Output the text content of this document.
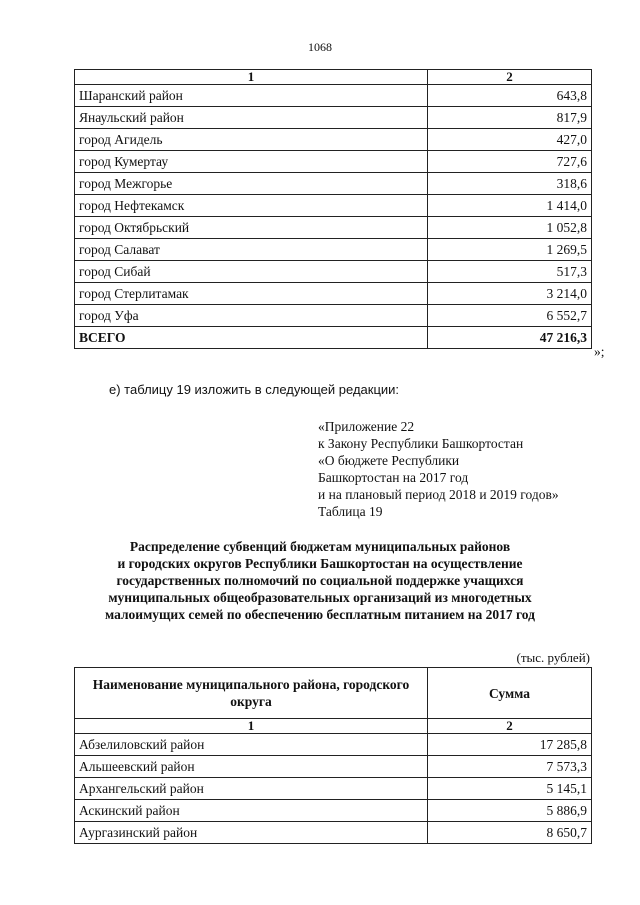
1068
1	2
Шаранский район	643,8
Янаульский район	817,9
город Агидель	427,0
город Кумертау	727,6
город Межгорье	318,6
город Нефтекамск	1 414,0
город Октябрьский	1 052,8
город Салават	1 269,5
город Сибай	517,3
город Стерлитамак	3 214,0
город Уфа	6 552,7
ВСЕГО	47 216,3
»;
е) таблицу 19 изложить в следующей редакции:
«Приложение 22
к Закону Республики Башкортостан
«О бюджете Республики
Башкортостан на 2017 год
и на плановый период 2018 и 2019 годов»
Таблица 19
Распределение субвенций бюджетам муниципальных районов
и городских округов Республики Башкортостан на осуществление
государственных полномочий по социальной поддержке учащихся
муниципальных общеобразовательных организаций из многодетных
малоимущих семей по обеспечению бесплатным питанием на 2017 год
(тыс. рублей)
Наименование муниципального района, городского округа	Сумма
1	2
Абзелиловский район	17 285,8
Альшеевский район	7 573,3
Архангельский район	5 145,1
Аскинский район	5 886,9
Аургазинский район	8 650,7
